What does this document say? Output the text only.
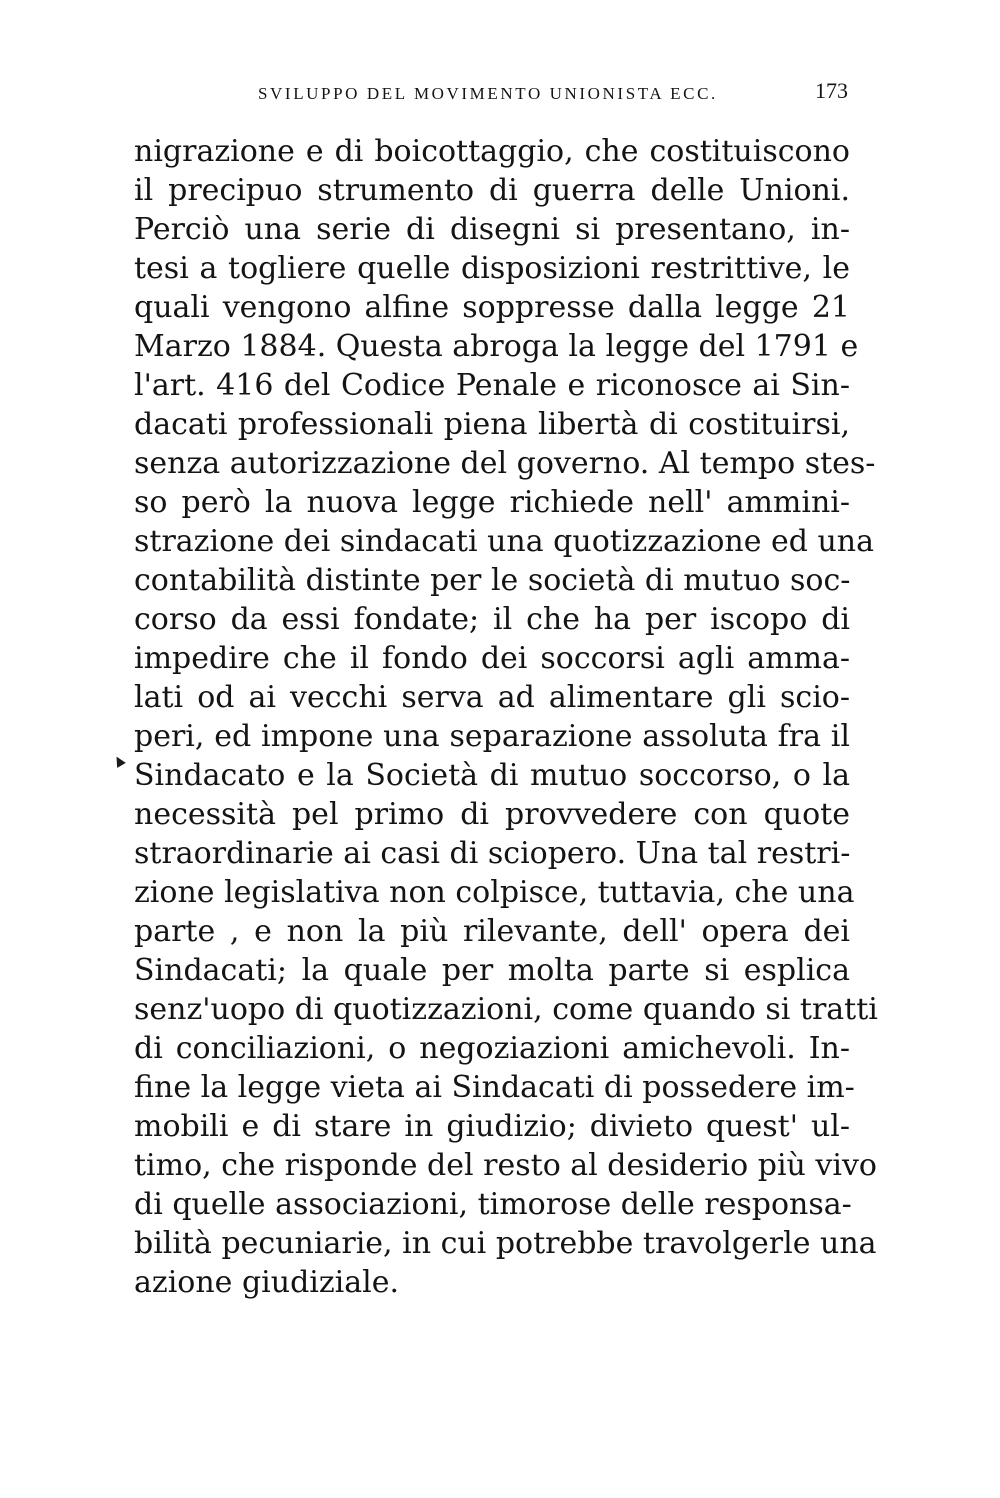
SVILUPPO DEL MOVIMENTO UNIONISTA ECC.	173
nigrazione e di boicottaggio, che costituiscono
il precipuo strumento di guerra delle Unioni.
Perciò una serie di disegni si presentano, in-
tesi a togliere quelle disposizioni restrittive, le
quali vengono alfine soppresse dalla legge 21
Marzo 1884. Questa abroga la legge del 1791 e
l'art. 416 del Codice Penale e riconosce ai Sin-
dacati professionali piena libertà di costituirsi,
senza autorizzazione del governo. Al tempo stes-
so però la nuova legge richiede nell' ammini-
strazione dei sindacati una quotizzazione ed una
contabilità distinte per le società di mutuo soc-
corso da essi fondate; il che ha per iscopo di
impedire che il fondo dei soccorsi agli amma-
lati od ai vecchi serva ad alimentare gli scio-
peri, ed impone una separazione assoluta fra il
Sindacato e la Società di mutuo soccorso, o la
necessità pel primo di provvedere con quote
straordinarie ai casi di sciopero. Una tal restri-
zione legislativa non colpisce, tuttavia, che una
parte , e non la più rilevante, dell' opera dei
Sindacati; la quale per molta parte si esplica
senz'uopo di quotizzazioni, come quando si tratti
di conciliazioni, o negoziazioni amichevoli. In-
fine la legge vieta ai Sindacati di possedere im-
mobili e di stare in giudizio; divieto quest' ul-
timo, che risponde del resto al desiderio più vivo
di quelle associazioni, timorose delle responsa-
bilità pecuniarie, in cui potrebbe travolgerle una
azione giudiziale.
